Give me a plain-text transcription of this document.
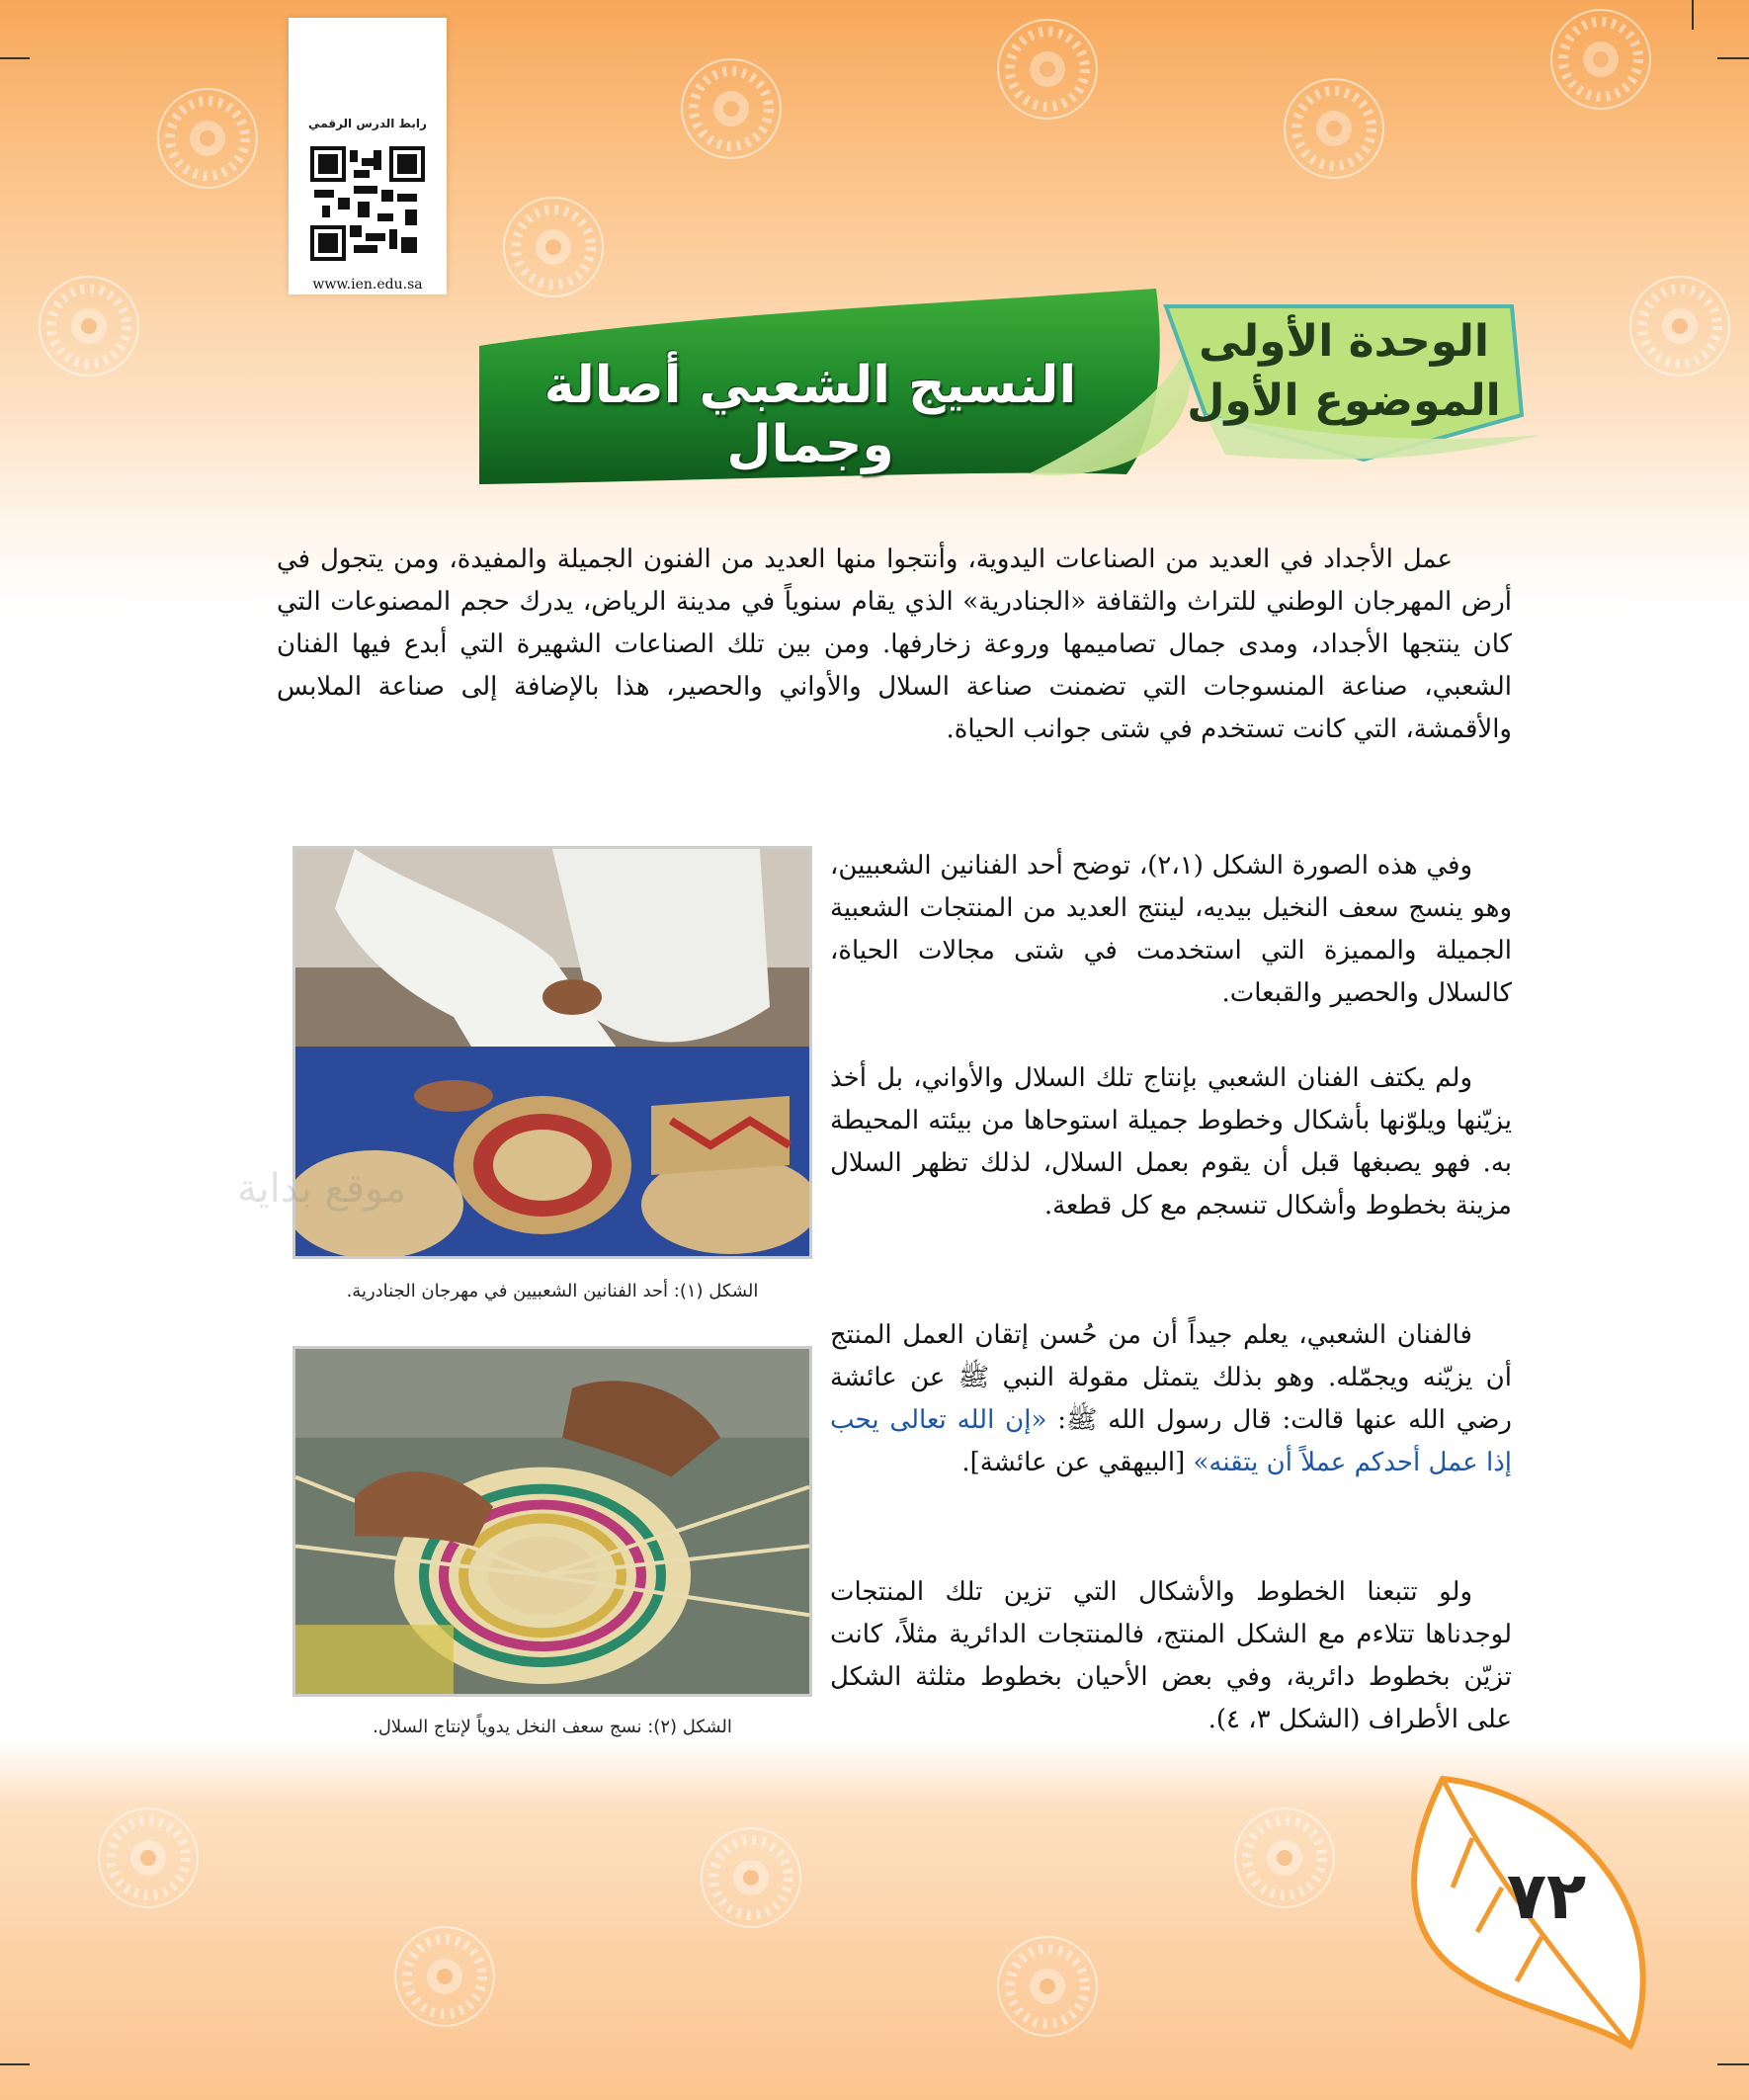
رابط الدرس الرقمي
www.ien.edu.sa
النسيج الشعبي أصالة وجمال
الوحدة الأولى
الموضوع الأول
عمل الأجداد في العديد من الصناعات اليدوية، وأنتجوا منها العديد من الفنون الجميلة والمفيدة، ومن يتجول في أرض المهرجان الوطني للتراث والثقافة «الجنادرية» الذي يقام سنوياً في مدينة الرياض، يدرك حجم المصنوعات التي كان ينتجها الأجداد، ومدى جمال تصاميمها وروعة زخارفها. ومن بين تلك الصناعات الشهيرة التي أبدع فيها الفنان الشعبي، صناعة المنسوجات التي تضمنت صناعة السلال والأواني والحصير، هذا بالإضافة إلى صناعة الملابس والأقمشة، التي كانت تستخدم في شتى جوانب الحياة.
الشكل (١): أحد الفنانين الشعبيين في مهرجان الجنادرية.
الشكل (٢): نسج سعف النخل يدوياً لإنتاج السلال.
موقع بداية
وفي هذه الصورة الشكل (٢،١)، توضح أحد الفنانين الشعبيين، وهو ينسج سعف النخيل بيديه، لينتج العديد من المنتجات الشعبية الجميلة والمميزة التي استخدمت في شتى مجالات الحياة، كالسلال والحصير والقبعات.
ولم يكتف الفنان الشعبي بإنتاج تلك السلال والأواني، بل أخذ يزيّنها ويلوّنها بأشكال وخطوط جميلة استوحاها من بيئته المحيطة به. فهو يصبغها قبل أن يقوم بعمل السلال، لذلك تظهر السلال مزينة بخطوط وأشكال تنسجم مع كل قطعة.
فالفنان الشعبي، يعلم جيداً أن من حُسن إتقان العمل المنتج أن يزيّنه ويجمّله. وهو بذلك يتمثل مقولة النبي ﷺ عن عائشة رضي الله عنها قالت: قال رسول الله ﷺ: «إن الله تعالى يحب إذا عمل أحدكم عملاً أن يتقنه» [البيهقي عن عائشة].
ولو تتبعنا الخطوط والأشكال التي تزين تلك المنتجات لوجدناها تتلاءم مع الشكل المنتج، فالمنتجات الدائرية مثلاً، كانت تزيّن بخطوط دائرية، وفي بعض الأحيان بخطوط مثلثة الشكل على الأطراف (الشكل ٣، ٤).
٧٢
